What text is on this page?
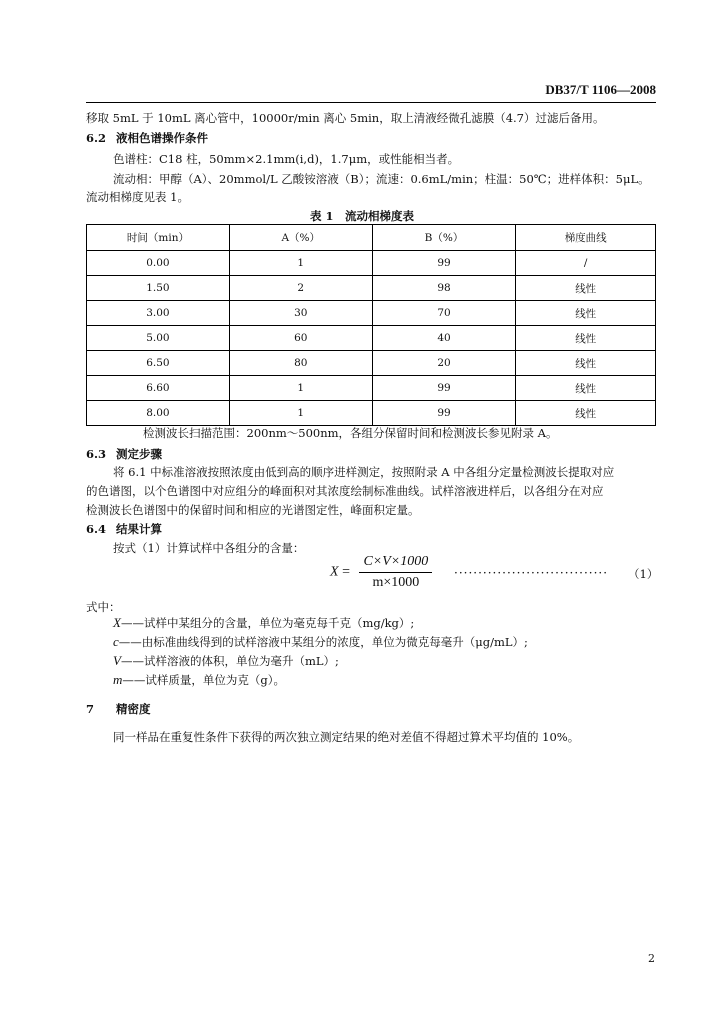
DB37/T 1106—2008
移取 5mL 于 10mL 离心管中，10000r/min 离心 5min，取上清液经微孔滤膜（4.7）过滤后备用。
6.2 液相色谱操作条件
色谱柱：C18 柱，50mm×2.1mm(i,d)，1.7μm，或性能相当者。
流动相：甲醇（A）、20mmol/L 乙酸铵溶液（B）；流速：0.6mL/min；柱温：50℃；进样体积：5μL。
流动相梯度见表 1。
表 1　流动相梯度表
时间（min）	A（%）	B（%）	梯度曲线
0.00	1	99	/
1.50	2	98	线性
3.00	30	70	线性
5.00	60	40	线性
6.50	80	20	线性
6.60	1	99	线性
8.00	1	99	线性
检测波长扫描范围：200nm～500nm，各组分保留时间和检测波长参见附录 A。
6.3 测定步骤
将 6.1 中标准溶液按照浓度由低到高的顺序进样测定，按照附录 A 中各组分定量检测波长提取对应
的色谱图，以个色谱图中对应组分的峰面积对其浓度绘制标准曲线。试样溶液进样后，以各组分在对应
检测波长色谱图中的保留时间和相应的光谱图定性，峰面积定量。
6.4 结果计算
按式（1）计算试样中各组分的含量：
$X = \frac{C\times V\times 1000}{m\times 1000}$ ································ （1）
式中：
X——试样中某组分的含量，单位为毫克每千克（mg/kg）;
c——由标准曲线得到的试样溶液中某组分的浓度，单位为微克每毫升（μg/mL）;
V——试样溶液的体积，单位为毫升（mL）;
m——试样质量，单位为克（g）。
7 精密度
同一样品在重复性条件下获得的两次独立测定结果的绝对差值不得超过算术平均值的 10%。
2
